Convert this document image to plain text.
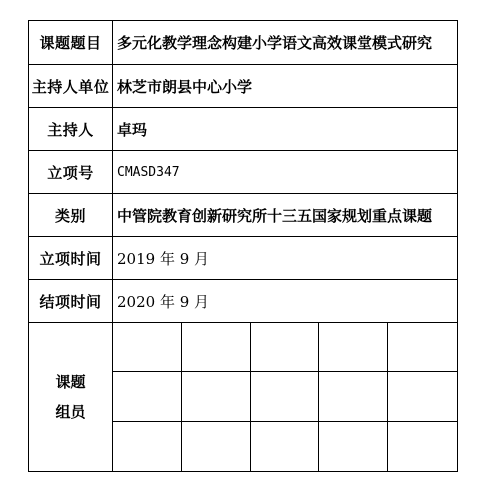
课题题目	多元化教学理念构建小学语文高效课堂模式研究
主持人单位 林芝市朗县中心小学
主持人	卓玛
立项号	CMASD347
类别	中管院教育创新研究所十三五国家规划重点课题
立项时间	2019 年 9 月
结项时间	2020 年 9 月
课题
组员
